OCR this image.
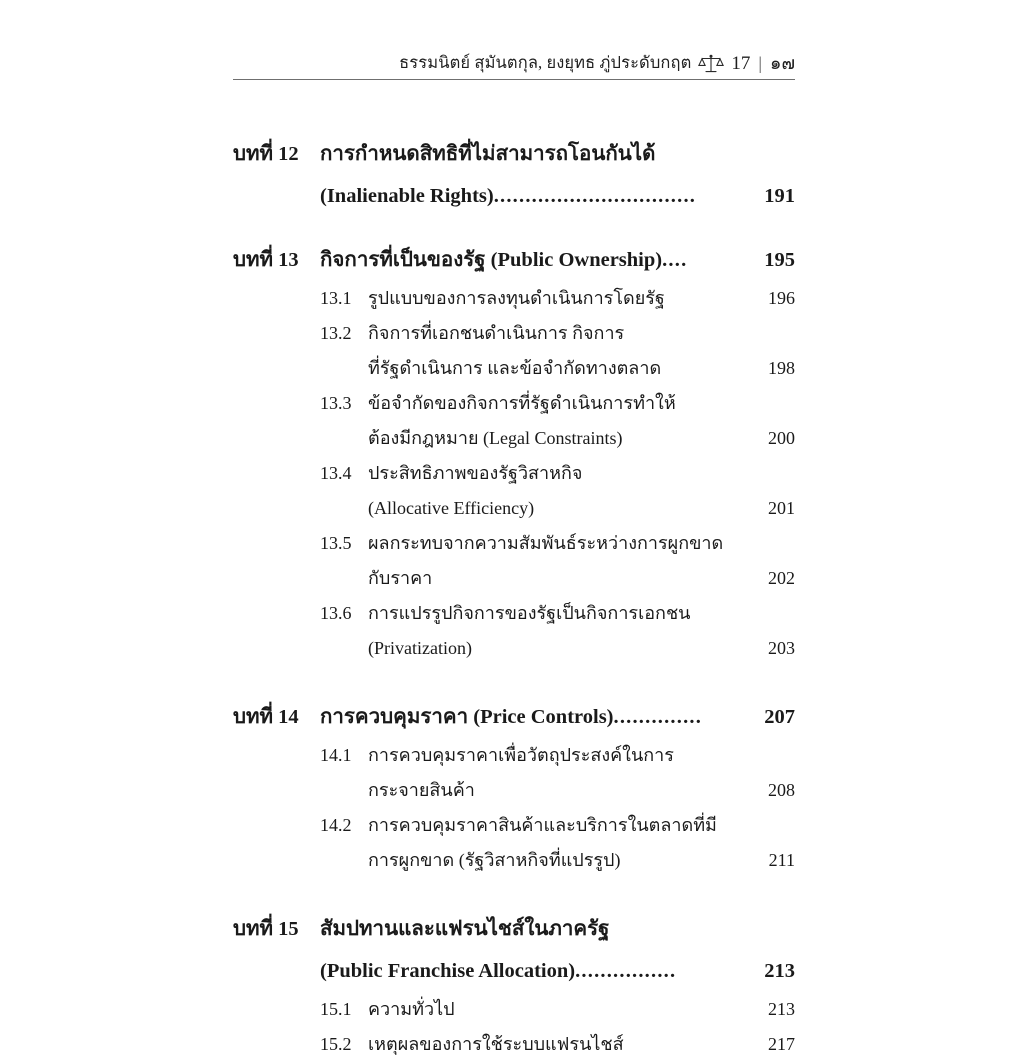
ธรรมนิตย์ สุมันตกุล, ยงยุทธ ภู่ประดับกฤต 17 | ๑๗
บทที่ 12	การกำหนดสิทธิที่ไม่สามารถโอนกันได้
(Inalienable Rights)................................	191
บทที่ 13	กิจการที่เป็นของรัฐ (Public Ownership)....	195
13.1 รูปแบบของการลงทุนดำเนินการโดยรัฐ	196
13.2 กิจการที่เอกชนดำเนินการ กิจการ
ที่รัฐดำเนินการ และข้อจำกัดทางตลาด	198
13.3 ข้อจำกัดของกิจการที่รัฐดำเนินการทำให้
ต้องมีกฎหมาย (Legal Constraints)	200
13.4 ประสิทธิภาพของรัฐวิสาหกิจ
(Allocative Efficiency)	201
13.5 ผลกระทบจากความสัมพันธ์ระหว่างการผูกขาด
กับราคา	202
13.6 การแปรรูปกิจการของรัฐเป็นกิจการเอกชน
(Privatization)	203
บทที่ 14	การควบคุมราคา (Price Controls)..............	207
14.1 การควบคุมราคาเพื่อวัตถุประสงค์ในการ
กระจายสินค้า	208
14.2 การควบคุมราคาสินค้าและบริการในตลาดที่มี
การผูกขาด (รัฐวิสาหกิจที่แปรรูป)	211
บทที่ 15	สัมปทานและแฟรนไชส์ในภาครัฐ
(Public Franchise Allocation)................	213
15.1 ความทั่วไป	213
15.2 เหตุผลของการใช้ระบบแฟรนไชส์	217
